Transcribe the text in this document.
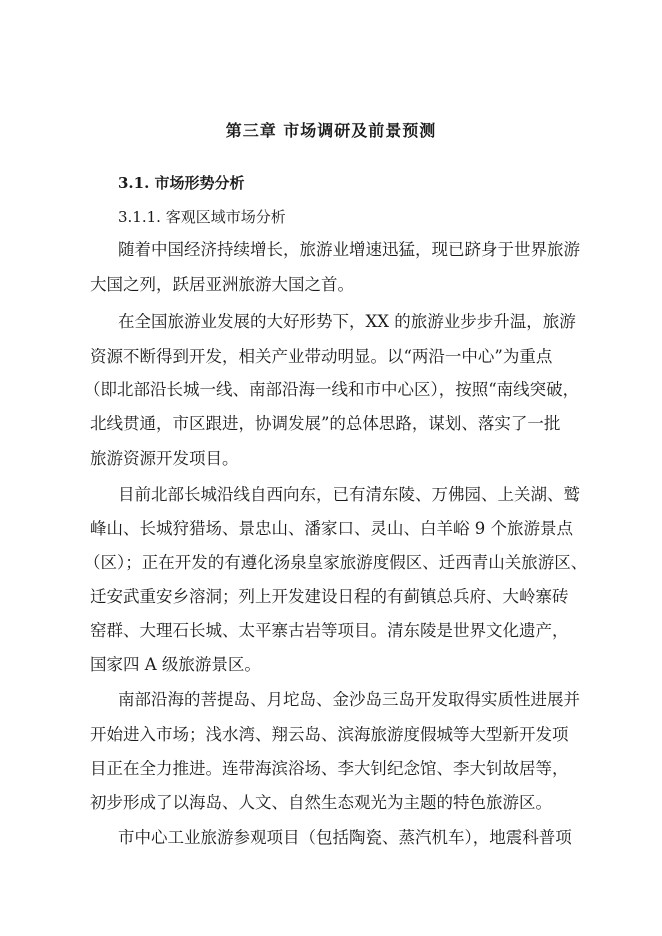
第三章 市场调研及前景预测
3.1. 市场形势分析
3.1.1. 客观区域市场分析
随着中国经济持续增长，旅游业增速迅猛，现已跻身于世界旅游
大国之列，跃居亚洲旅游大国之首。
在全国旅游业发展的大好形势下，XX 的旅游业步步升温，旅游
资源不断得到开发，相关产业带动明显。以“两沿一中心”为重点
（即北部沿长城一线、南部沿海一线和市中心区），按照“南线突破，
北线贯通，市区跟进，协调发展”的总体思路，谋划、落实了一批
旅游资源开发项目。
目前北部长城沿线自西向东，已有清东陵、万佛园、上关湖、鹫
峰山、长城狩猎场、景忠山、潘家口、灵山、白羊峪 9 个旅游景点
（区）；正在开发的有遵化汤泉皇家旅游度假区、迁西青山关旅游区、
迁安武重安乡溶洞；列上开发建设日程的有蓟镇总兵府、大岭寨砖
窑群、大理石长城、太平寨古岩等项目。清东陵是世界文化遗产，
国家四 A 级旅游景区。
南部沿海的菩提岛、月坨岛、金沙岛三岛开发取得实质性进展并
开始进入市场；浅水湾、翔云岛、滨海旅游度假城等大型新开发项
目正在全力推进。连带海滨浴场、李大钊纪念馆、李大钊故居等，
初步形成了以海岛、人文、自然生态观光为主题的特色旅游区。
市中心工业旅游参观项目（包括陶瓷、蒸汽机车），地震科普项
